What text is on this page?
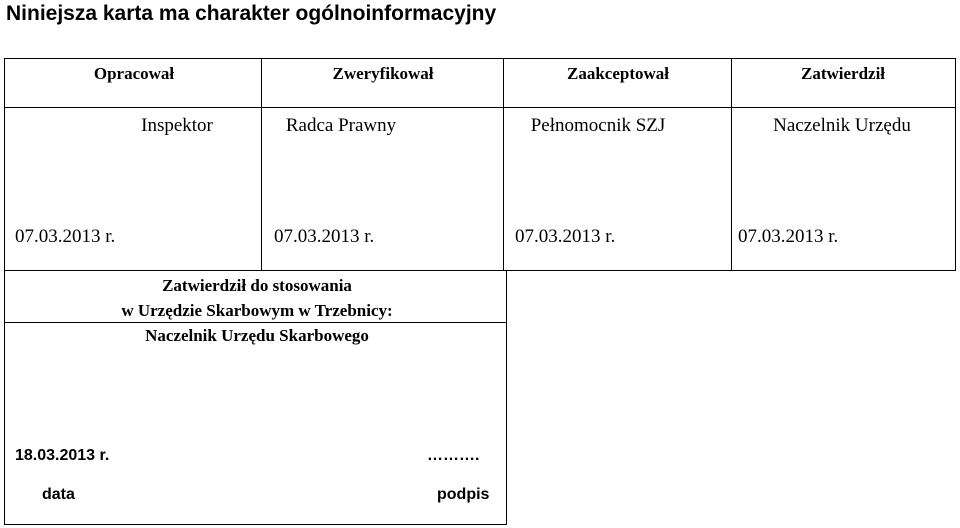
Niniejsza karta ma charakter ogólnoinformacyjny
Opracował	Zweryfikował	Zaakceptował	Zatwierdził
Inspektor	Radca Prawny	Pełnomocnik SZJ	Naczelnik Urzędu
07.03.2013 r.	07.03.2013 r.	07.03.2013 r.	07.03.2013 r.
Zatwierdził do stosowania
w Urzędzie Skarbowym w Trzebnicy:
Naczelnik Urzędu Skarbowego
18.03.2013 r.	……….
data	podpis
